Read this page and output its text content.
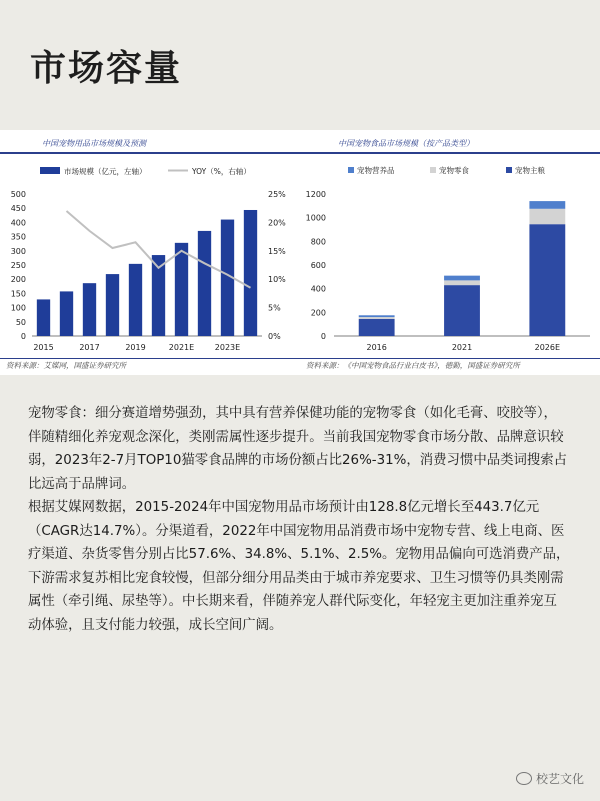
市场容量
中国宠物用品市场规模及预测
市场规模（亿元，左轴）	YOY（%，右轴）
0
50
100
150
200
250
300
350
400
450
500
0%
5%
10%
15%
20%
25%
2015	2017	2019	2021E	2023E
资料来源：艾媒网，国盛证券研究所
中国宠物食品市场规模（按产品类型）
宠物营养品	宠物零食	宠物主粮
0
200
400
600
800
1000
1200
2016	2021	2026E
资料来源：《中国宠物食品行业白皮书》，德勤，国盛证券研究所

宠物零食：细分赛道增势强劲，其中具有营养保健功能的宠物零食（如化毛膏、咬胶等），伴随精细化养宠观念深化，类刚需属性逐步提升。当前我国宠物零食市场分散、品牌意识较弱，2023年2-7月TOP10猫零食品牌的市场份额占比26%-31%，消费习惯中品类词搜索占比远高于品牌词。

根据艾媒网数据，2015-2024年中国宠物用品市场预计由128.8亿元增长至443.7亿元（CAGR达14.7%）。分渠道看，2022年中国宠物用品消费市场中宠物专营、线上电商、医疗渠道、杂货零售分别占比57.6%、34.8%、5.1%、2.5%。宠物用品偏向可选消费产品，下游需求复苏相比宠食较慢，但部分细分用品类由于城市养宠要求、卫生习惯等仍具类刚需属性（牵引绳、尿垫等）。中长期来看，伴随养宠人群代际变化，年轻宠主更加注重养宠互动体验，且支付能力较强，成长空间广阔。

校艺文化
